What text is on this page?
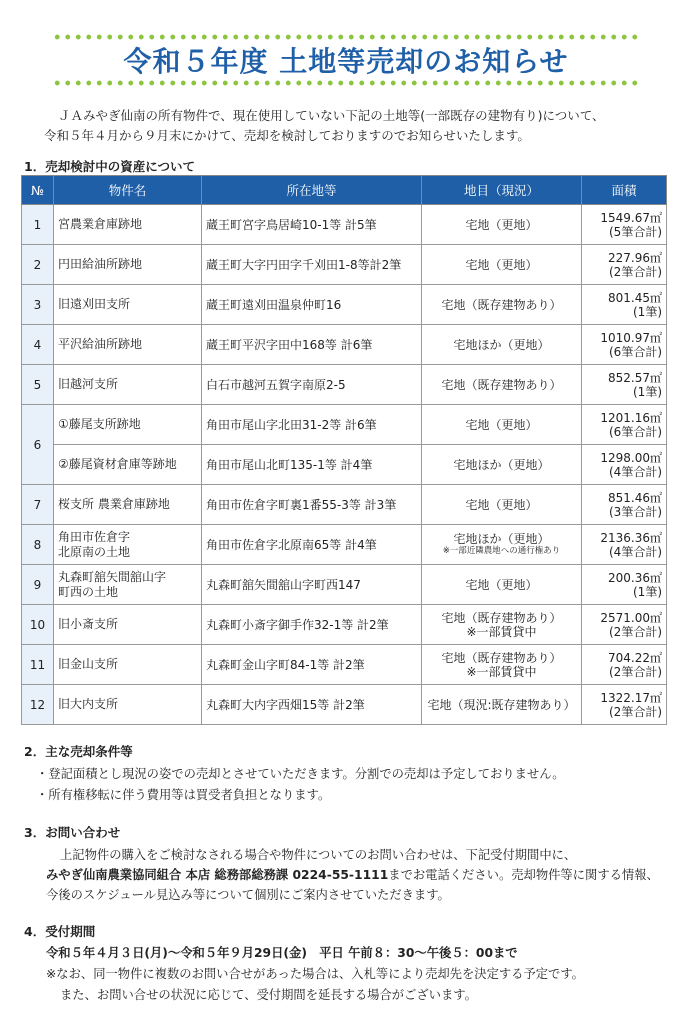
令和５年度 土地等売却のお知らせ
ＪＡみやぎ仙南の所有物件で、現在使用していない下記の土地等(一部既存の建物有り)について、
令和５年４月から９月末にかけて、売却を検討しておりますのでお知らせいたします。
1．売却検討中の資産について
№	物件名	所在地等	地目（現況）	面積
1	宮農業倉庫跡地	蔵王町宮字鳥居崎10-1等 計5筆	宅地（更地）	1549.67㎡
(5筆合計)

2	円田給油所跡地	蔵王町大字円田字千刈田1-8等計2筆	宅地（更地）	227.96㎡
(2筆合計)

3	旧遠刈田支所	蔵王町遠刈田温泉仲町16	宅地（既存建物あり）	801.45㎡
(1筆)

4	平沢給油所跡地	蔵王町平沢字田中168等 計6筆	宅地ほか（更地）	1010.97㎡
(6筆合計)

5	旧越河支所	白石市越河五賀字南原2-5	宅地（既存建物あり）	852.57㎡
(1筆)

6	①藤尾支所跡地	角田市尾山字北田31-2等 計6筆	宅地（更地）	1201.16㎡
(6筆合計)

	②藤尾資材倉庫等跡地	角田市尾山北町135-1等 計4筆	宅地ほか（更地）	1298.00㎡
(4筆合計)

7	桜支所 農業倉庫跡地	角田市佐倉字町裏1番55-3等 計3筆	宅地（更地）	851.46㎡
(3筆合計)

8	角田市佐倉字
北原南の土地	角田市佐倉字北原南65等 計4筆	宅地ほか（更地）
※一部近隣農地への通行権あり	2136.36㎡
(4筆合計)

9	丸森町舘矢間舘山字
町西の土地	丸森町舘矢間舘山字町西147	宅地（更地）	200.36㎡
(1筆)

10	旧小斎支所	丸森町小斎字御手作32-1等 計2筆	宅地（既存建物あり）
※一部賃貸中	2571.00㎡
(2筆合計)

11	旧金山支所	丸森町金山字町84-1等 計2筆	宅地（既存建物あり）
※一部賃貸中	704.22㎡
(2筆合計)

12	旧大内支所	丸森町大内字西畑15等 計2筆	宅地（現況:既存建物あり）	1322.17㎡
(2筆合計)
2．主な売却条件等
・登記面積とし現況の姿での売却とさせていただきます。分割での売却は予定しておりません。
・所有権移転に伴う費用等は買受者負担となります。
3．お問い合わせ
上記物件の購入をご検討なされる場合や物件についてのお問い合わせは、下記受付期間中に、
みやぎ仙南農業協同組合 本店 総務部総務課 0224-55-1111までお電話ください。売却物件等に関する情報、
今後のスケジュール見込み等について個別にご案内させていただきます。
4．受付期間
令和５年４月３日(月)～令和５年９月29日(金)　平日 午前８：30～午後５：00まで
※なお、同一物件に複数のお問い合せがあった場合は、入札等により売却先を決定する予定です。
また、お問い合せの状況に応じて、受付期間を延長する場合がございます。
